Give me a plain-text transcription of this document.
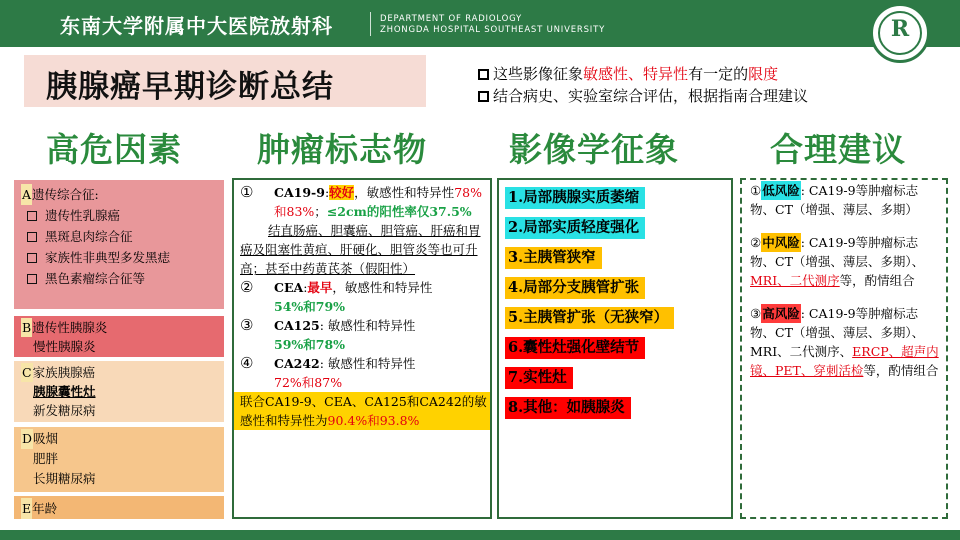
东南大学附属中大医院放射科	DEPARTMENT OF RADIOLOGY
ZHONGDA HOSPITAL SOUTHEAST UNIVERSITY	R
胰腺癌早期诊断总结	这些影像征象敏感性、特异性有一定的限度
结合病史、实验室综合评估，根据指南合理建议
高危因素 肿瘤标志物 影像学征象	合理建议
A遗传综合征:
遗传性乳腺癌
黑斑息肉综合征
家族性非典型多发黑痣
黑色素瘤综合征等
B遗传性胰腺炎
慢性胰腺炎
C家族胰腺癌
胰腺囊性灶
新发糖尿病
D吸烟
肥胖
长期糖尿病
E年龄
① CA19-9:较好，敏感性和特异性78%和83%；≤2cm的阳性率仅37.5%
结直肠癌、胆囊癌、胆管癌、肝癌和胃癌及阻塞性黄疸、肝硬化、胆管炎等也可升高；甚至中药黄芪茶（假阳性）
② CEA:最早，敏感性和特异性
54%和79%
③ CA125: 敏感性和特异性
59%和78%
④ CA242: 敏感性和特异性
72%和87%
联合CA19-9、CEA、CA125和CA242的敏感性和特异性为90.4%和93.8%
1.局部胰腺实质萎缩
2.局部实质轻度强化
3.主胰管狭窄
4.局部分支胰管扩张
5.主胰管扩张（无狭窄）
6.囊性灶强化壁结节
7.实性灶
8.其他：如胰腺炎
①低风险: CA19-9等肿瘤标志物、CT（增强、薄层、多期）
②中风险: CA19-9等肿瘤标志物、CT（增强、薄层、多期）、MRI、二代测序等，酌情组合
③高风险: CA19-9等肿瘤标志物、CT（增强、薄层、多期）、MRI、二代测序、ERCP、超声内镜、PET、穿刺活检等，酌情组合
